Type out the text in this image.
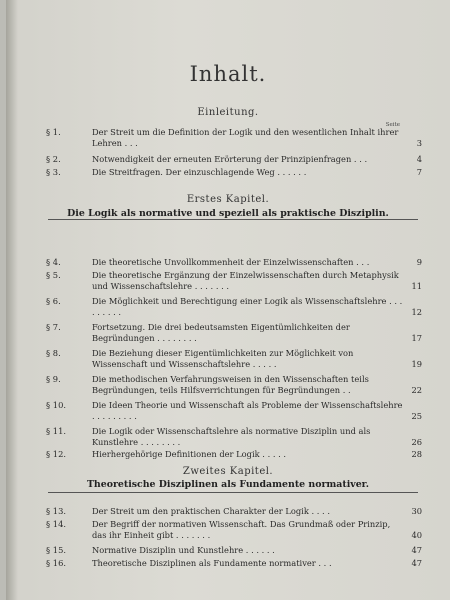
Inhalt.
Einleitung.
Seite
§ 1.	Der Streit um die Definition der Logik und den wesentlichen Inhalt ihrer Lehren . . .	3
§ 2.	Notwendigkeit der erneuten Erörterung der Prinzipienfragen . . .	4
§ 3.	Die Streitfragen. Der einzuschlagende Weg . . . . . .	7
Erstes Kapitel.
Die Logik als normative und speziell als praktische Disziplin.
§ 4.	Die theoretische Unvollkommenheit der Einzelwissenschaften . . .	9
§ 5.	Die theoretische Ergänzung der Einzelwissenschaften durch Metaphysik und Wissenschaftslehre . . . . . . .	11
§ 6.	Die Möglichkeit und Berechtigung einer Logik als Wissenschaftslehre . . . . . . . . .	12
§ 7.	Fortsetzung. Die drei bedeutsamsten Eigentümlichkeiten der Begründungen . . . . . . . .	17
§ 8.	Die Beziehung dieser Eigentümlichkeiten zur Möglichkeit von Wissenschaft und Wissenschaftslehre . . . . .	19
§ 9.	Die methodischen Verfahrungsweisen in den Wissenschaften teils Begründungen, teils Hilfsverrichtungen für Begründungen . .	22
§ 10.	Die Ideen Theorie und Wissenschaft als Probleme der Wissenschaftslehre . . . . . . . . .	25
§ 11.	Die Logik oder Wissenschaftslehre als normative Disziplin und als Kunstlehre . . . . . . . .	26
§ 12.	Hierhergehörige Definitionen der Logik . . . . .	28
Zweites Kapitel.
Theoretische Disziplinen als Fundamente normativer.
§ 13.	Der Streit um den praktischen Charakter der Logik . . . .	30
§ 14.	Der Begriff der normativen Wissenschaft. Das Grundmaß oder Prinzip, das ihr Einheit gibt . . . . . . .	40
§ 15.	Normative Disziplin und Kunstlehre . . . . . .	47
§ 16.	Theoretische Disziplinen als Fundamente normativer . . .	47
